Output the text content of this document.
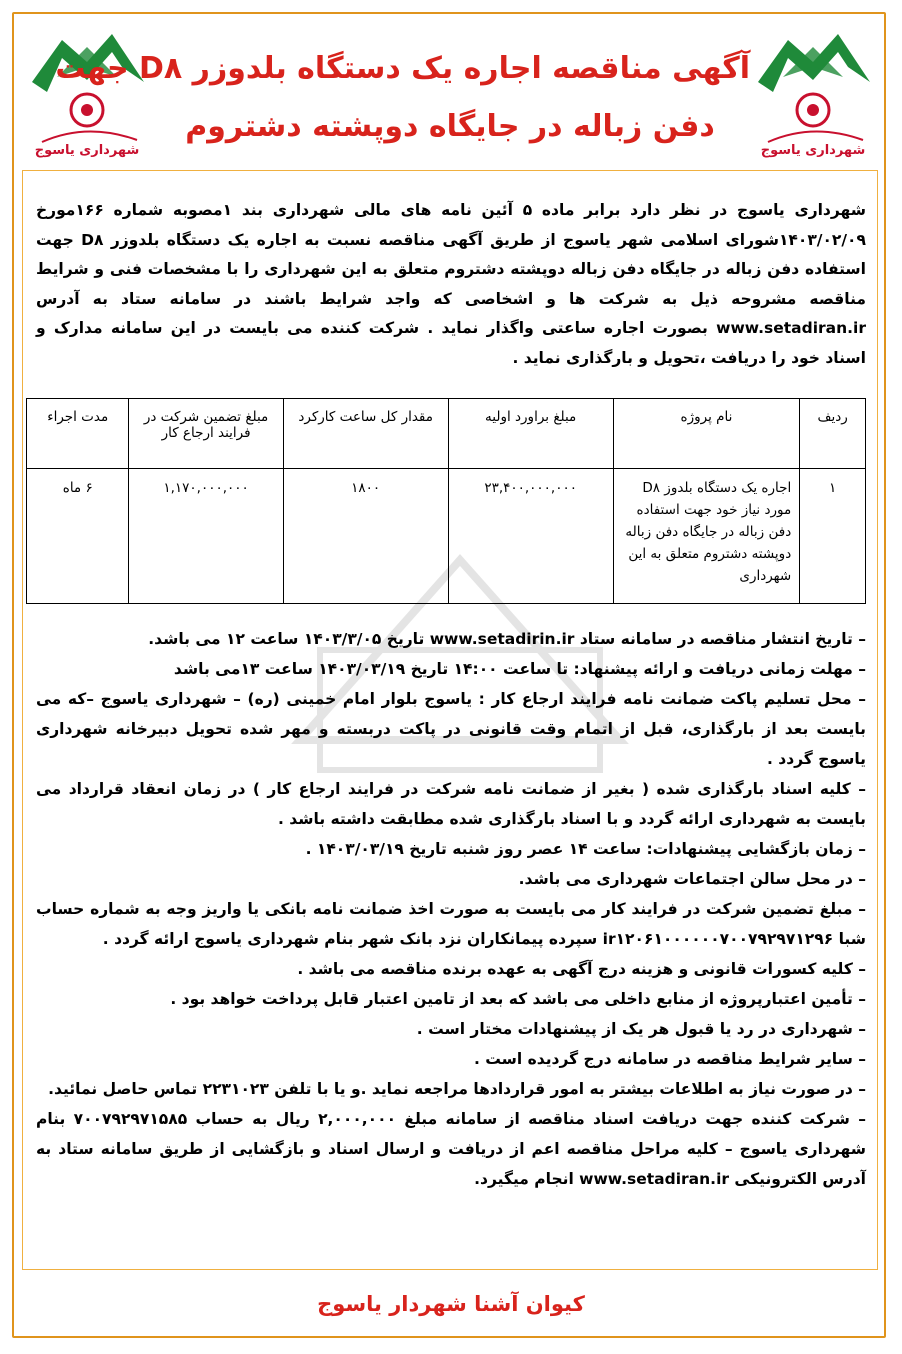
شهرداری یاسوج	شهرداری یاسوج
آگهی مناقصه اجاره یک دستگاه بلدوزر D۸ جهت
دفن زباله در جایگاه دوپشته دشتروم

شهرداری یاسوج در نظر دارد برابر ماده ۵ آئین نامه های مالی شهرداری بند ۱مصوبه شماره ۱۶۶مورخ ۱۴۰۳/۰۲/۰۹شورای اسلامی شهر یاسوج از طریق آگهی مناقصه نسبت به اجاره یک دستگاه بلدوزر D۸ جهت استفاده دفن زباله در جایگاه دفن زباله دوپشته دشتروم متعلق به این شهرداری را با مشخصات فنی و شرایط مناقصه مشروحه ذیل به شرکت ها و اشخاصی که واجد شرایط باشند در سامانه ستاد به آدرس www.setadiran.ir بصورت اجاره ساعتی واگذار نماید . شرکت کننده می بایست در این سامانه مدارک و اسناد خود را دریافت ،تحویل و بارگذاری نماید .

ردیف	نام پروژه	مبلغ براورد اولیه	مقدار کل ساعت کارکرد	مبلغ تضمین شرکت در فرایند ارجاع کار	مدت اجراء
۱	اجاره یک دستگاه بلدوز D۸ مورد نیاز خود جهت استفاده دفن زباله در جایگاه دفن زباله دوپشته دشتروم متعلق به این شهرداری	۲۳,۴۰۰,۰۰۰,۰۰۰	۱۸۰۰	۱,۱۷۰,۰۰۰,۰۰۰	۶ ماه

– تاریخ انتشار مناقصه در سامانه ستاد www.setadirin.ir تاریخ ۱۴۰۳/۳/۰۵ ساعت ۱۲ می باشد.

– مهلت زمانی دریافت و ارائه پیشنهاد: تا ساعت ۱۴:۰۰ تاریخ ۱۴۰۳/۰۳/۱۹ ساعت ۱۳می باشد

– محل تسلیم پاکت ضمانت نامه فرایند ارجاع کار : یاسوج بلوار امام خمینی (ره) – شهرداری یاسوج –که می بایست بعد از بارگذاری، قبل از اتمام وقت قانونی در پاکت دربسته و مهر شده تحویل دبیرخانه شهرداری یاسوج گردد .

– کلیه اسناد بارگذاری شده ( بغیر از ضمانت نامه شرکت در فرایند ارجاع کار ) در زمان انعقاد قرارداد می بایست به شهرداری ارائه گردد و با اسناد بارگذاری شده مطابقت داشته باشد .

– زمان بازگشایی پیشنهادات: ساعت ۱۴ عصر روز شنبه تاریخ ۱۴۰۳/۰۳/۱۹ .

– در محل سالن اجتماعات شهرداری می باشد.

– مبلغ تضمین شرکت در فرایند کار می بایست به صورت اخذ ضمانت نامه بانکی یا واریز وجه به شماره حساب شبا ir۱۲۰۶۱۰۰۰۰۰۰۷۰۰۷۹۲۹۷۱۲۹۶ سپرده پیمانکاران نزد بانک شهر بنام شهرداری یاسوج ارائه گردد .

– کلیه کسورات قانونی و هزینه درج آگهی به عهده برنده مناقصه می باشد .

– تأمین اعتبارپروژه از منابع داخلی می باشد که بعد از تامین اعتبار قابل پرداخت خواهد بود .

– شهرداری در رد یا قبول هر یک از پیشنهادات مختار است .

– سایر شرایط مناقصه در سامانه درج گردیده است .

– در صورت نیاز به اطلاعات بیشتر به امور قراردادها مراجعه نماید .و یا با تلفن ۲۲۳۱۰۲۳ تماس حاصل نمائید.

– شرکت کننده جهت دریافت اسناد مناقصه از سامانه مبلغ ۲,۰۰۰,۰۰۰ ریال به حساب ۷۰۰۷۹۲۹۷۱۵۸۵ بنام شهرداری یاسوج – کلیه مراحل مناقصه اعم از دریافت و ارسال اسناد و بازگشایی از طریق سامانه ستاد به آدرس الکترونیکی www.setadiran.ir انجام میگیرد.

کیوان آشنا شهردار یاسوج
